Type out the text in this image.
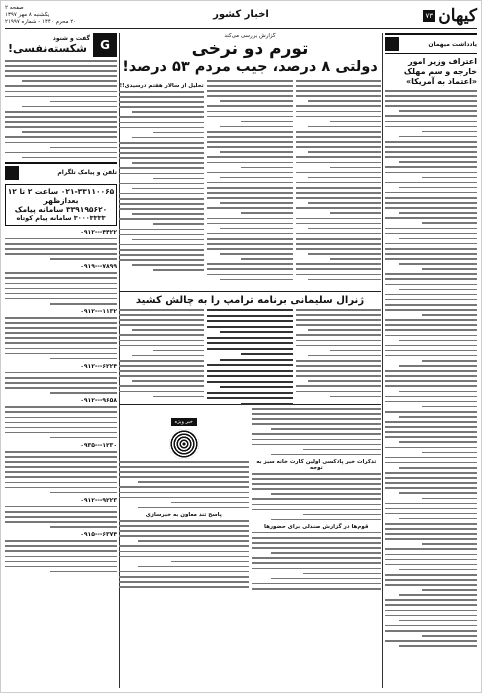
کیهان
۷۳
اخبار کشور
صفحه ۲
یکشنبه ۸ مهر ۱۳۹۷
۲۰ محرم ۱۴۴۰ - شماره ۲۱۹۹۷
یادداشت میهمان
اعتراف وزیر امور خارجه و سم مهلک «اعتماد به آمریکا»
گزارش بررسی می‌کند
تورم دو نرخی
دولتی ۸ درصد، جیب مردم ۵۳ درصد!
تحلیل از سالار هفتم درسیدی!!
ژنرال سلیمانی برنامه ترامپ را به چالش کشید
تذکرات خبر پادکسی اولین کارت خانه سبز به توجه
قوم‌ها در گزارش صندلی برای حضورها
خبر ویژه
پاسخ تند معاون به خبرسازی
G
گفت و شنود
شکسته‌نفسی!
تلفن و پیامک تلگرام
۰۲۱-۳۳۱۱۰۰۶۵ ساعت ۲ تا ۱۲ بعدازظهر
۳۳۹۱۹۵۶۲۰ سامانه پیامک
۳۰۰۰۳۳۳۳ سامانه پیام کوتاه
۰۹۱۲---۴۴۲۲
۰۹۱۹---۷۸۹۹
۰۹۱۲---۱۱۳۲
۰۹۱۲---۶۲۲۴
۰۹۱۲---۹۶۵۸
۰۹۳۵---۱۲۳۰
۰۹۱۲---۹۲۲۳
۰۹۱۵---۶۳۷۴
